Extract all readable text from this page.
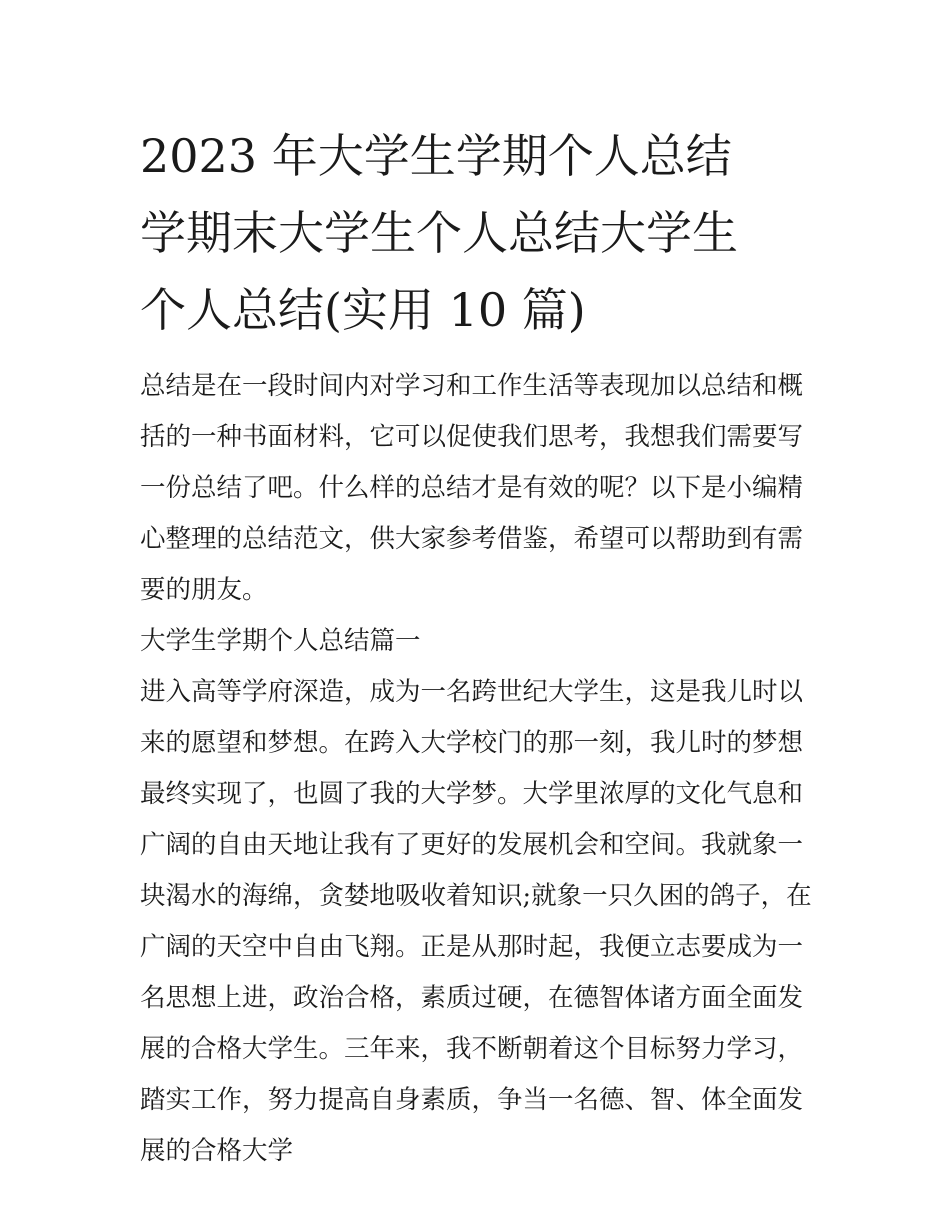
2023 年大学生学期个人总结
学期末大学生个人总结大学生
个人总结(实用 10 篇)

总结是在一段时间内对学习和工作生活等表现加以总结和概括的一种书面材料，它可以促使我们思考，我想我们需要写一份总结了吧。什么样的总结才是有效的呢？以下是小编精心整理的总结范文，供大家参考借鉴，希望可以帮助到有需要的朋友。

大学生学期个人总结篇一

进入高等学府深造，成为一名跨世纪大学生，这是我儿时以来的愿望和梦想。在跨入大学校门的那一刻，我儿时的梦想最终实现了，也圆了我的大学梦。大学里浓厚的文化气息和广阔的自由天地让我有了更好的发展机会和空间。我就象一块渴水的海绵，贪婪地吸收着知识;就象一只久困的鸽子，在广阔的天空中自由飞翔。正是从那时起，我便立志要成为一名思想上进，政治合格，素质过硬，在德智体诸方面全面发展的合格大学生。三年来，我不断朝着这个目标努力学习，踏实工作，努力提高自身素质，争当一名德、智、体全面发展的合格大学
